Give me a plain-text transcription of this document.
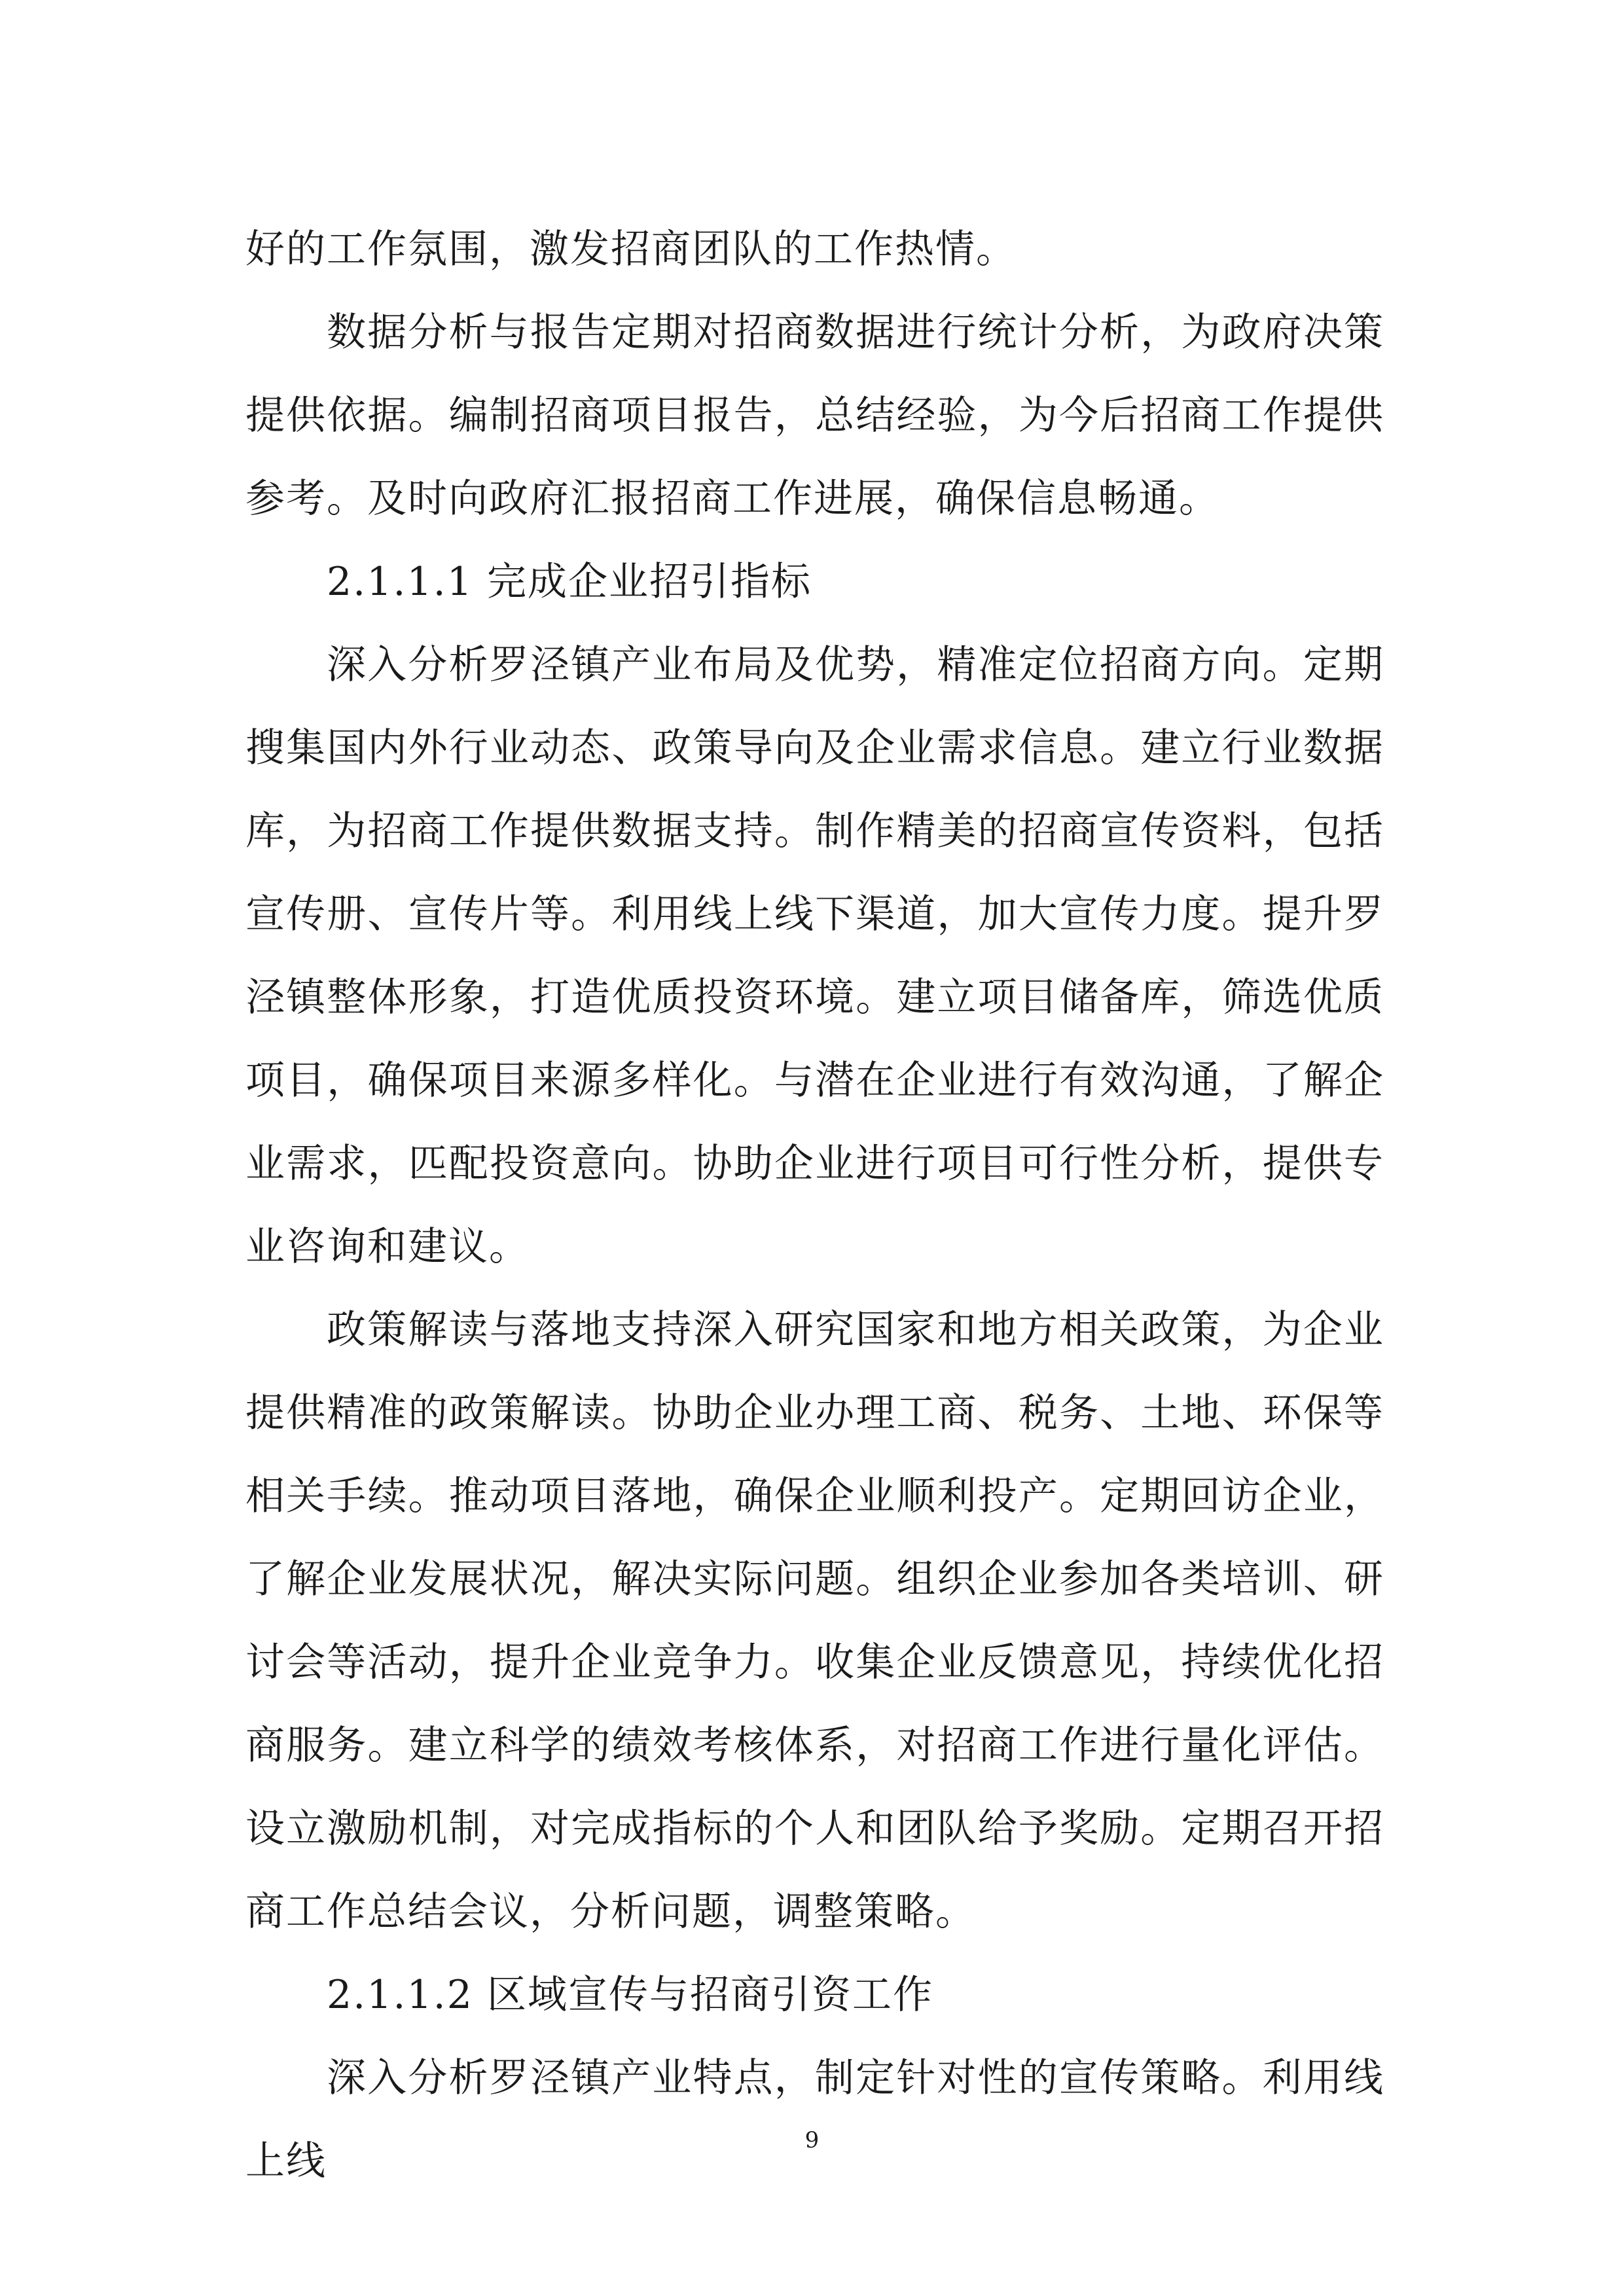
好的工作氛围，激发招商团队的工作热情。

数据分析与报告定期对招商数据进行统计分析，为政府决策提供依据。编制招商项目报告，总结经验，为今后招商工作提供参考。及时向政府汇报招商工作进展，确保信息畅通。

2.1.1.1 完成企业招引指标

深入分析罗泾镇产业布局及优势，精准定位招商方向。定期搜集国内外行业动态、政策导向及企业需求信息。建立行业数据库，为招商工作提供数据支持。制作精美的招商宣传资料，包括宣传册、宣传片等。利用线上线下渠道，加大宣传力度。提升罗泾镇整体形象，打造优质投资环境。建立项目储备库，筛选优质项目，确保项目来源多样化。与潜在企业进行有效沟通，了解企业需求，匹配投资意向。协助企业进行项目可行性分析，提供专业咨询和建议。

政策解读与落地支持深入研究国家和地方相关政策，为企业提供精准的政策解读。协助企业办理工商、税务、土地、环保等相关手续。推动项目落地，确保企业顺利投产。定期回访企业，了解企业发展状况，解决实际问题。组织企业参加各类培训、研讨会等活动，提升企业竞争力。收集企业反馈意见，持续优化招商服务。建立科学的绩效考核体系，对招商工作进行量化评估。设立激励机制，对完成指标的个人和团队给予奖励。定期召开招商工作总结会议，分析问题，调整策略。

2.1.1.2 区域宣传与招商引资工作

深入分析罗泾镇产业特点，制定针对性的宣传策略。利用线上线	9
